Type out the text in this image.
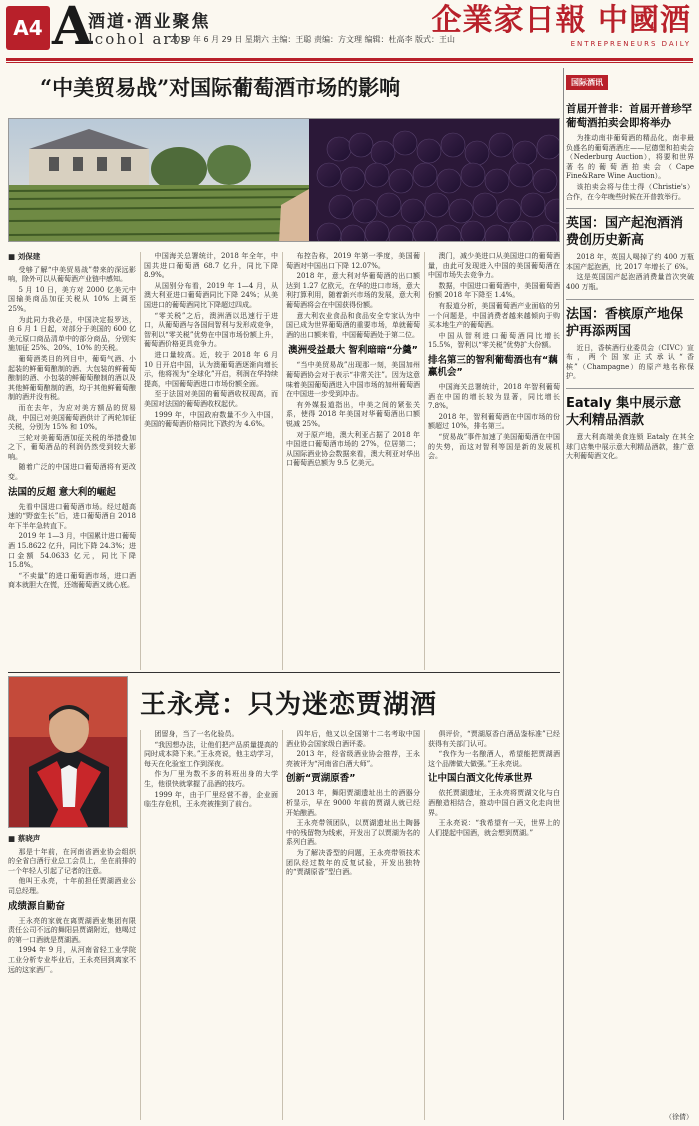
A4 A
酒道·酒业聚焦
lcohol arts
2019 年 6 月 29 日 星期六 主编：王聪 责编：方文理 编辑：杜高李 版式：王山
企業家日報 中國酒
ENTREPRENEURS DAILY
“中美贸易战”对国际葡萄酒市场的影响
■ 刘保建

受够了解“中美贸易战”带来的深远影响，除外可以从葡萄酒产业链中感知。

5 月 10 日，美方对 2000 亿美元中国输美商品加征关税从 10% 上调至 25%。

为此同力我必是，中国决定报罗达，自 6 月 1 日起，对部分于美国的 600 亿美元原口商品清单中的部分商品，分别实施加征 25%、20%、10% 的关税。

葡萄酒类目的列目中，葡萄气酒、小起装的鲜葡萄酿制的酒、大包装的鲜葡萄酿制的酒、小包装的鲜葡萄酿制的酒以及其他鲜葡萄酿制的酒，均于其他鲜葡萄酿制的酒并没有税。

而在去年，为应对美方额品的贸易战，中国已对美国葡萄酒供计了两轮加征关税，分别为 15% 和 10%。

三轮对美葡萄酒加征关税的举措叠加之下，葡萄酒品的利润仍然受到较大影响。

随着广泛的中国进口葡萄酒将有更改变。

法国的反超 意大利的崛起

先看中国进口葡萄酒市场。经过超高速的“野蛮生长”后，进口葡萄酒自 2018 年下半年急转直下。

2019 年 1—3 月，中国累计进口葡萄酒 15.8622 亿升，同比下降 24.3%；进口金额 54.0633 亿元，同比下降 15.8%。

“不卖量”的进口葡萄酒市场，进口酒商本就胆大在慌，还端葡萄酒又就心底。

中国海关总署统计，2018 年全年，中国共进口葡萄酒 68.7 亿升，同比下降 8.9%。

从国别分布看，2019 年 1—4 月，从澳大利亚进口葡萄酒同比下降 24%；从美国进口的葡萄酒同比下降超过四成。

“零关税”之后，澳洲酒以迅速行于进口，从葡萄酒与各国间智利与发形成竞争，智利以“零关税”优势在中国市场份额上升，葡萄酒价格更具竞争力。

进口量较高。近，较于 2018 年 6 月 10 日开启中国，认为澳葡萄酒逐渐向增长示，他将视为“全球化”开启，利润在华持续提高，中国葡萄酒进口市场份额全面。

至于法国对美国的葡萄酒收权现高，而美国对法国的葡萄酒收权起伏。

1999 年，中国政府数量不少入中国，美国的葡萄酒价格同比下跌约为 4.6%。

布控告称，2019 年第一季度，美国葡萄酒对中国出口下降 12.07%。

2018 年，意大利对华葡萄酒的出口额达到 1.27 亿欧元，在华的进口市场，意大利打算利用，随着新兴市场的发展，意大利葡萄酒将会在中国获得份额。

意大利农业食品和食品安全专家认为中国已成为世界葡萄酒的重要市场，单就葡萄酒的出口额来看，中国葡萄酒处于第二位。

澳洲受益最大 智利暗暗“分羹”

“当中美贸易战”出现那一刻，美国加州葡萄酒协会对于表示“非常关注”。因为这意味着美国葡萄酒进入中国市场的加州葡萄酒在中国进一步受到冲击。

有外媒报道指出，中美之间的紧张关系，使得 2018 年美国对华葡萄酒出口额锐减 25%。

对于原产地，澳大利亚占据了 2018 年中国进口葡萄酒市场的 27%，位居第二；从国际酒业协会数据来看，澳大利亚对华出口葡萄酒总额为 9.5 亿美元。

澳门，减少美进口从美国进口的葡萄酒量，由此可发现进入中国的美国葡萄酒在中国市场失去竞争力。

数据，中国进口葡萄酒中，美国葡萄酒份额 2018 年下降至 1.4%。

有报道分析，美国葡萄酒产业面临的另一个问题是，中国消费者越来越倾向于购买本地生产的葡萄酒。

中国从智利进口葡萄酒同比增长 15.5%，智利以“零关税”优势扩大份额。

排名第三的智利葡萄酒也有“藕赢机会”

中国海关总署统计，2018 年智利葡萄酒在中国的增长较为显著，同比增长 7.8%。

2018 年，智利葡萄酒在中国市场的份额超过 10%，排名第三。

“贸易战”事件加速了美国葡萄酒在中国的失势，而这对智利等国是新的发展机会。

王永亮：只为迷恋贾湖酒
■ 蔡晓声

那是十年前，在河南省酒业协会组织的全省白酒行业总工会员上，坐在前排的一个年轻人引起了记者的注意。

他叫王永亮，十年前担任贾湖酒业公司总经理。

成绩源自勤奋

王永亮的家就在离贾湖酒业集团有限责任公司不远的舞阳县贾湖附近，他喝过的第一口酒就是贾湖酒。

1994 年 9 月，从河南省轻工业学院工业分析专业毕业后，王永亮回到离家不远的这家酒厂。

团留身，当了一名化验员。

“我因想办法，让他们把产品质量提高的同时成本降下来。”王永亮说，他主动学习，每天在化验室工作到深夜。

作为厂里为数不多的科班出身的大学生，他很快就掌握了品酒的技巧。

1999 年，由于厂里经营不善，企业面临生存危机，王永亮被推到了前台。

四年后，他又以全国第十二名考取中国酒业协会国家级白酒评委。

2013 年，经省级酒业协会推荐，王永亮被评为“河南省白酒大师”。

创新“贾湖原香”

2013 年，舞阳贾湖遗址出土的酒器分析显示，早在 9000 年前的贾湖人就已经开始酿酒。

王永亮带领团队，以贾湖遗址出土陶器中的残留物为线索，开发出了以贾湖为名的系列白酒。

为了解决香型的问题，王永亮带领技术团队经过数年的反复试验，开发出独特的“贾湖原香”型白酒。

俱评价，“贾湖原香白酒品鉴标准”已经获得有关部门认可。

“我作为一名酿酒人，希望能把贾湖酒这个品牌做大做强。”王永亮说。

让中国白酒文化传承世界

依托贾湖遗址，王永亮将贾湖文化与白酒酿造相结合，推动中国白酒文化走向世界。

王永亮说：“我希望有一天，世界上的人们提起中国酒，就会想到贾湖。”

国际酒讯
首届开普非：首届开普珍罕葡萄酒拍卖会即将举办

为推动南非葡萄酒的精品化，南非最负盛名的葡萄酒酒庄——尼德堡和拍卖会（Nederburg Auction），将要和世界著名的葡萄酒拍卖会（Cape Fine&Rare Wine Auction）。

该拍卖会将与佳士得（Christie's）合作，在今年晚些时候在开普敦举行。

英国：国产起泡酒消费创历史新高

2018 年，英国人喝掉了约 400 万瓶本国产起泡酒，比 2017 年增长了 6%。

这是英国国产起泡酒消费量首次突破 400 万瓶。

法国：香槟原产地保护再添两国

近日，香槟酒行业委员会（CIVC）宣布，两个国家正式承认“香槟”（Champagne）的原产地名称保护。

Eataly 集中展示意大利精品酒款

意大利高端美食连锁 Eataly 在其全球门店集中展示意大利精品酒款，推广意大利葡萄酒文化。

（徐倩）
